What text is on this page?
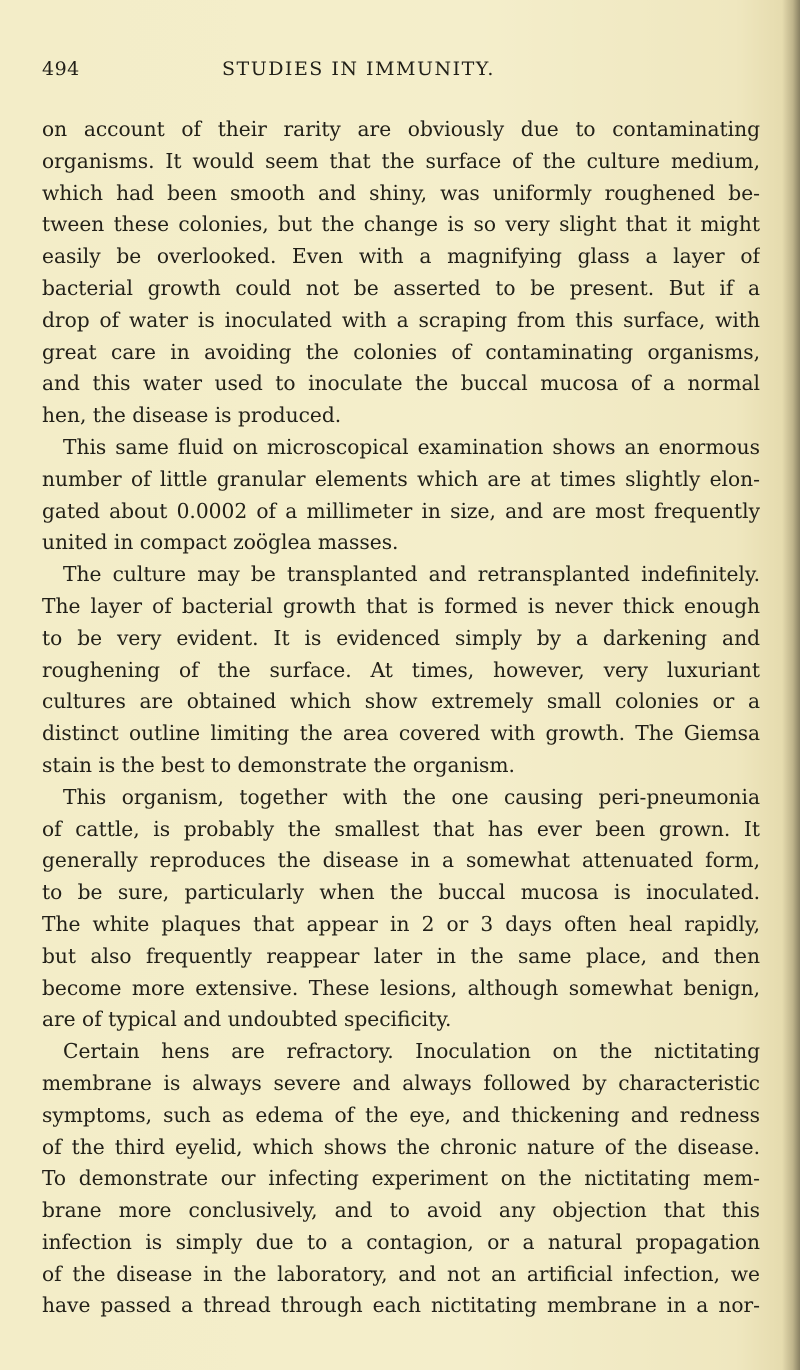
494	STUDIES IN IMMUNITY.
on account of their rarity are obviously due to contaminating
organisms. It would seem that the surface of the culture medium,
which had been smooth and shiny, was uniformly roughened be-
tween these colonies, but the change is so very slight that it might
easily be overlooked. Even with a magnifying glass a layer of
bacterial growth could not be asserted to be present. But if a
drop of water is inoculated with a scraping from this surface, with
great care in avoiding the colonies of contaminating organisms,
and this water used to inoculate the buccal mucosa of a normal
hen, the disease is produced.
This same fluid on microscopical examination shows an enormous
number of little granular elements which are at times slightly elon-
gated about 0.0002 of a millimeter in size, and are most frequently
united in compact zoöglea masses.
The culture may be transplanted and retransplanted indefinitely.
The layer of bacterial growth that is formed is never thick enough
to be very evident. It is evidenced simply by a darkening and
roughening of the surface. At times, however, very luxuriant
cultures are obtained which show extremely small colonies or a
distinct outline limiting the area covered with growth. The Giemsa
stain is the best to demonstrate the organism.
This organism, together with the one causing peri-pneumonia
of cattle, is probably the smallest that has ever been grown. It
generally reproduces the disease in a somewhat attenuated form,
to be sure, particularly when the buccal mucosa is inoculated.
The white plaques that appear in 2 or 3 days often heal rapidly,
but also frequently reappear later in the same place, and then
become more extensive. These lesions, although somewhat benign,
are of typical and undoubted specificity.
Certain hens are refractory. Inoculation on the nictitating
membrane is always severe and always followed by characteristic
symptoms, such as edema of the eye, and thickening and redness
of the third eyelid, which shows the chronic nature of the disease.
To demonstrate our infecting experiment on the nictitating mem-
brane more conclusively, and to avoid any objection that this
infection is simply due to a contagion, or a natural propagation
of the disease in the laboratory, and not an artificial infection, we
have passed a thread through each nictitating membrane in a nor-
